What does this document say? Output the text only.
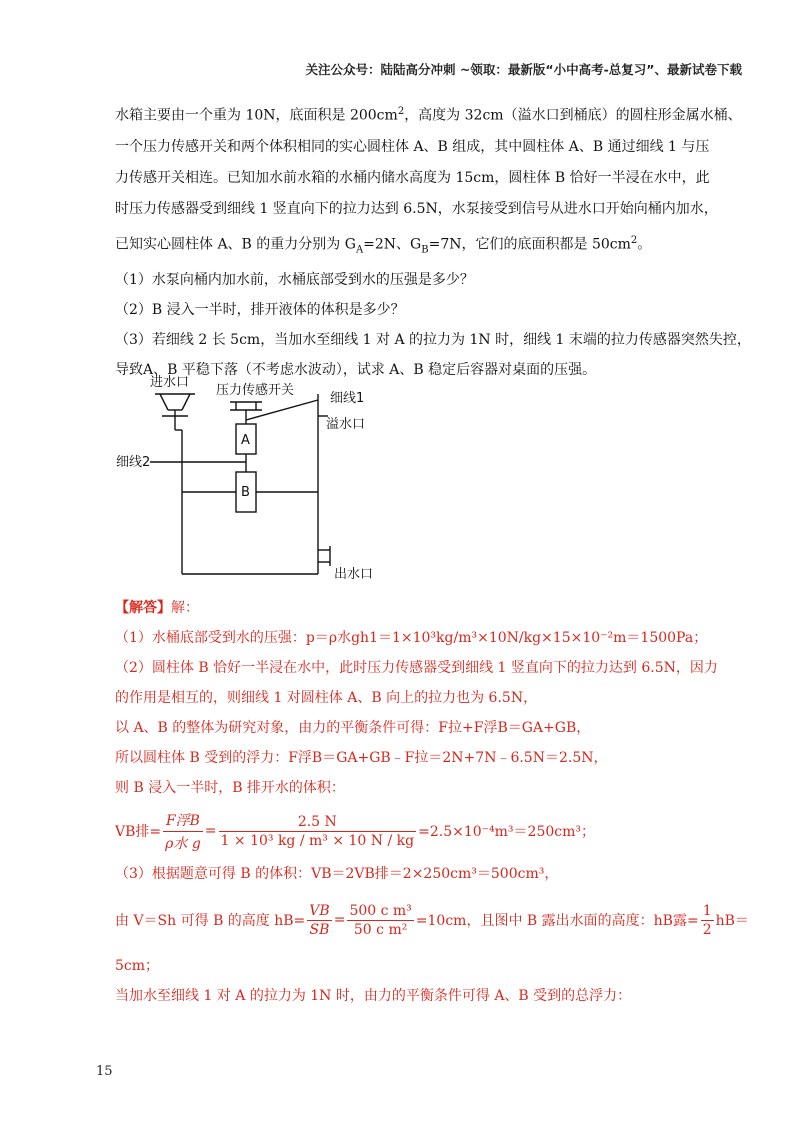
关注公众号：陆陆高分冲刺 ~领取：最新版“小中高考-总复习”、最新试卷下载

水箱主要由一个重为 10N，底面积是 $200cm^2$，高度为 32cm（溢水口到桶底）的圆柱形金属水桶、

一个压力传感开关和两个体积相同的实心圆柱体 A、B 组成，其中圆柱体 A、B 通过细线 1 与压

力传感开关相连。已知加水前水箱的水桶内储水高度为 15cm，圆柱体 B 恰好一半浸在水中，此

时压力传感器受到细线 1 竖直向下的拉力达到 6.5N，水泵接受到信号从进水口开始向桶内加水，

已知实心圆柱体 A、B 的重力分别为 $G_A=2N$、$G_B=7N$，它们的底面积都是 $50cm^2$。

（1）水泵向桶内加水前，水桶底部受到水的压强是多少？

（2）B 浸入一半时，排开液体的体积是多少？

（3）若细线 2 长 5cm，当加水至细线 1 对 A 的拉力为 1N 时，细线 1 末端的拉力传感器突然失控，

导致A、B 平稳下落（不考虑水波动），试求 A、B 稳定后容器对桌面的压强。

进水口
压力传感开关
细线1
溢水口
细线2
出水口
A
B

【解答】解：

（1）水桶底部受到水的压强：p＝ρ水gh1＝1×10³kg/m³×10N/kg×15×10⁻²m＝1500Pa；

（2）圆柱体 B 恰好一半浸在水中，此时压力传感器受到细线 1 竖直向下的拉力达到 6.5N，因力

的作用是相互的，则细线 1 对圆柱体 A、B 向上的拉力也为 6.5N，

以 A、B 的整体为研究对象，由力的平衡条件可得：F拉+F浮B＝GA+GB，

所以圆柱体 B 受到的浮力：F浮B＝GA+GB﹣F拉＝2N+7N﹣6.5N＝2.5N，

则 B 浸入一半时，B 排开水的体积：

VB排= $\frac{\text{F浮B}}{\text{ρ水 g}} = \frac{2.5 N}{\text{1 × 10³ kg / m³ × 10 N / kg}} =2.5\times 10^{-4}m^3=250cm^3$；

（3）根据题意可得 B 的体积：VB＝2VB排＝2×250cm³＝500cm³，

由 V＝Sh 可得 B 的高度 $hB= \frac{VB}{SB} = \frac{\text{500 c m³}}{\text{50 c m²}} =10cm$，且图中 B 露出水面的高度：hB露= $\frac{1}{2} hB=$

5cm；

当加水至细线 1 对 A 的拉力为 1N 时，由力的平衡条件可得 A、B 受到的总浮力：

15
